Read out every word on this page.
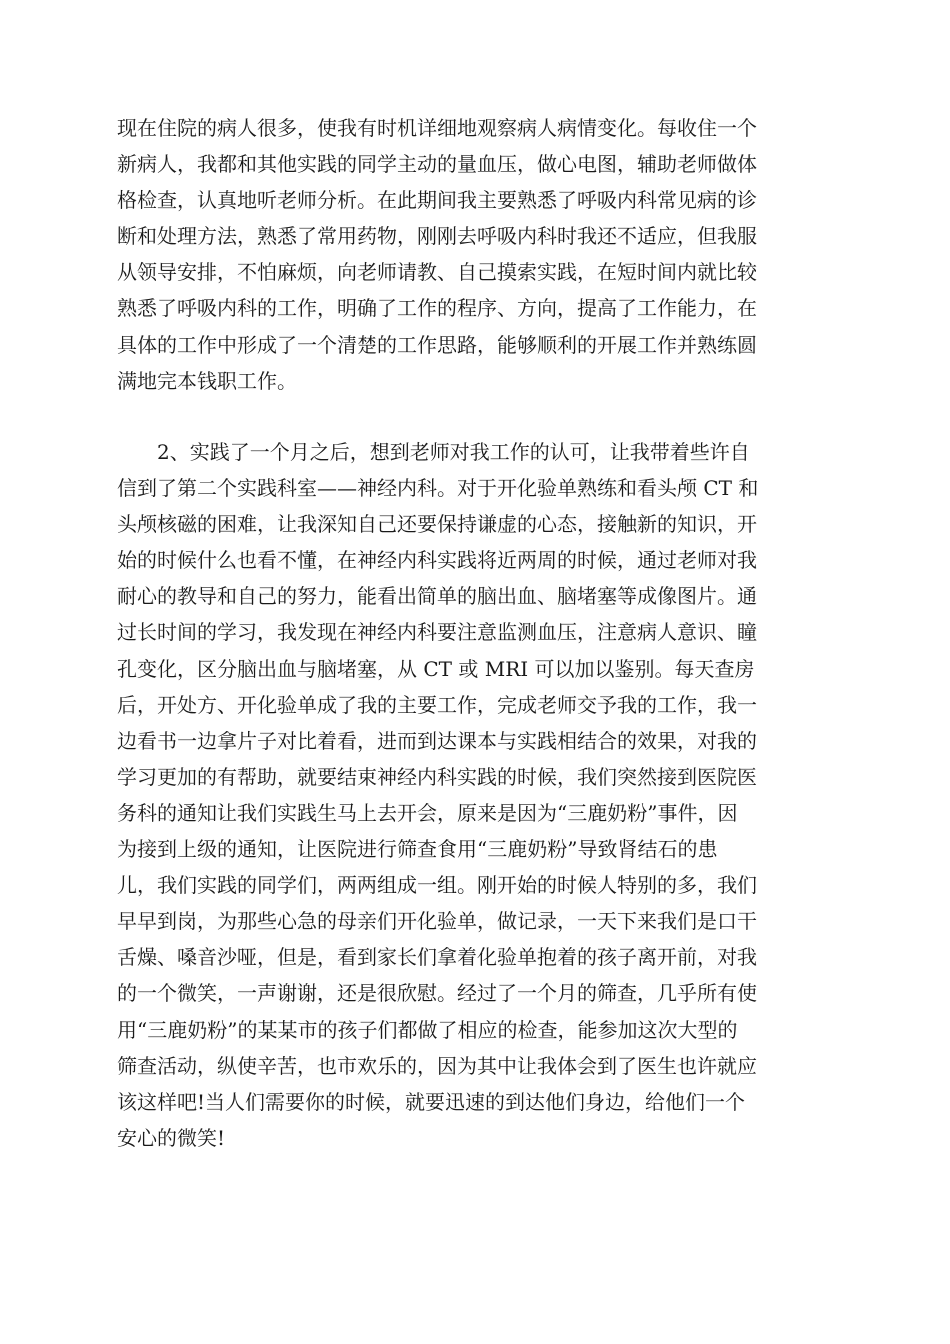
现在住院的病人很多，使我有时机详细地观察病人病情变化。每收住一个
新病人，我都和其他实践的同学主动的量血压，做心电图，辅助老师做体
格检查，认真地听老师分析。在此期间我主要熟悉了呼吸内科常见病的诊
断和处理方法，熟悉了常用药物，刚刚去呼吸内科时我还不适应，但我服
从领导安排，不怕麻烦，向老师请教、自己摸索实践，在短时间内就比较
熟悉了呼吸内科的工作，明确了工作的程序、方向，提高了工作能力，在
具体的工作中形成了一个清楚的工作思路，能够顺利的开展工作并熟练圆
满地完本钱职工作。
2、实践了一个月之后，想到老师对我工作的认可，让我带着些许自
信到了第二个实践科室——神经内科。对于开化验单熟练和看头颅 CT 和
头颅核磁的困难，让我深知自己还要保持谦虚的心态，接触新的知识，开
始的时候什么也看不懂，在神经内科实践将近两周的时候，通过老师对我
耐心的教导和自己的努力，能看出简单的脑出血、脑堵塞等成像图片。通
过长时间的学习，我发现在神经内科要注意监测血压，注意病人意识、瞳
孔变化，区分脑出血与脑堵塞，从 CT 或 MRI 可以加以鉴别。每天查房
后，开处方、开化验单成了我的主要工作，完成老师交予我的工作，我一
边看书一边拿片子对比着看，进而到达课本与实践相结合的效果，对我的
学习更加的有帮助，就要结束神经内科实践的时候，我们突然接到医院医
务科的通知让我们实践生马上去开会，原来是因为“三鹿奶粉”事件，因
为接到上级的通知，让医院进行筛查食用“三鹿奶粉”导致肾结石的患
儿，我们实践的同学们，两两组成一组。刚开始的时候人特别的多，我们
早早到岗，为那些心急的母亲们开化验单，做记录，一天下来我们是口干
舌燥、嗓音沙哑，但是，看到家长们拿着化验单抱着的孩子离开前，对我
的一个微笑，一声谢谢，还是很欣慰。经过了一个月的筛查，几乎所有使
用“三鹿奶粉”的某某市的孩子们都做了相应的检查，能参加这次大型的
筛查活动，纵使辛苦，也市欢乐的，因为其中让我体会到了医生也许就应
该这样吧!当人们需要你的时候，就要迅速的到达他们身边，给他们一个
安心的微笑!
